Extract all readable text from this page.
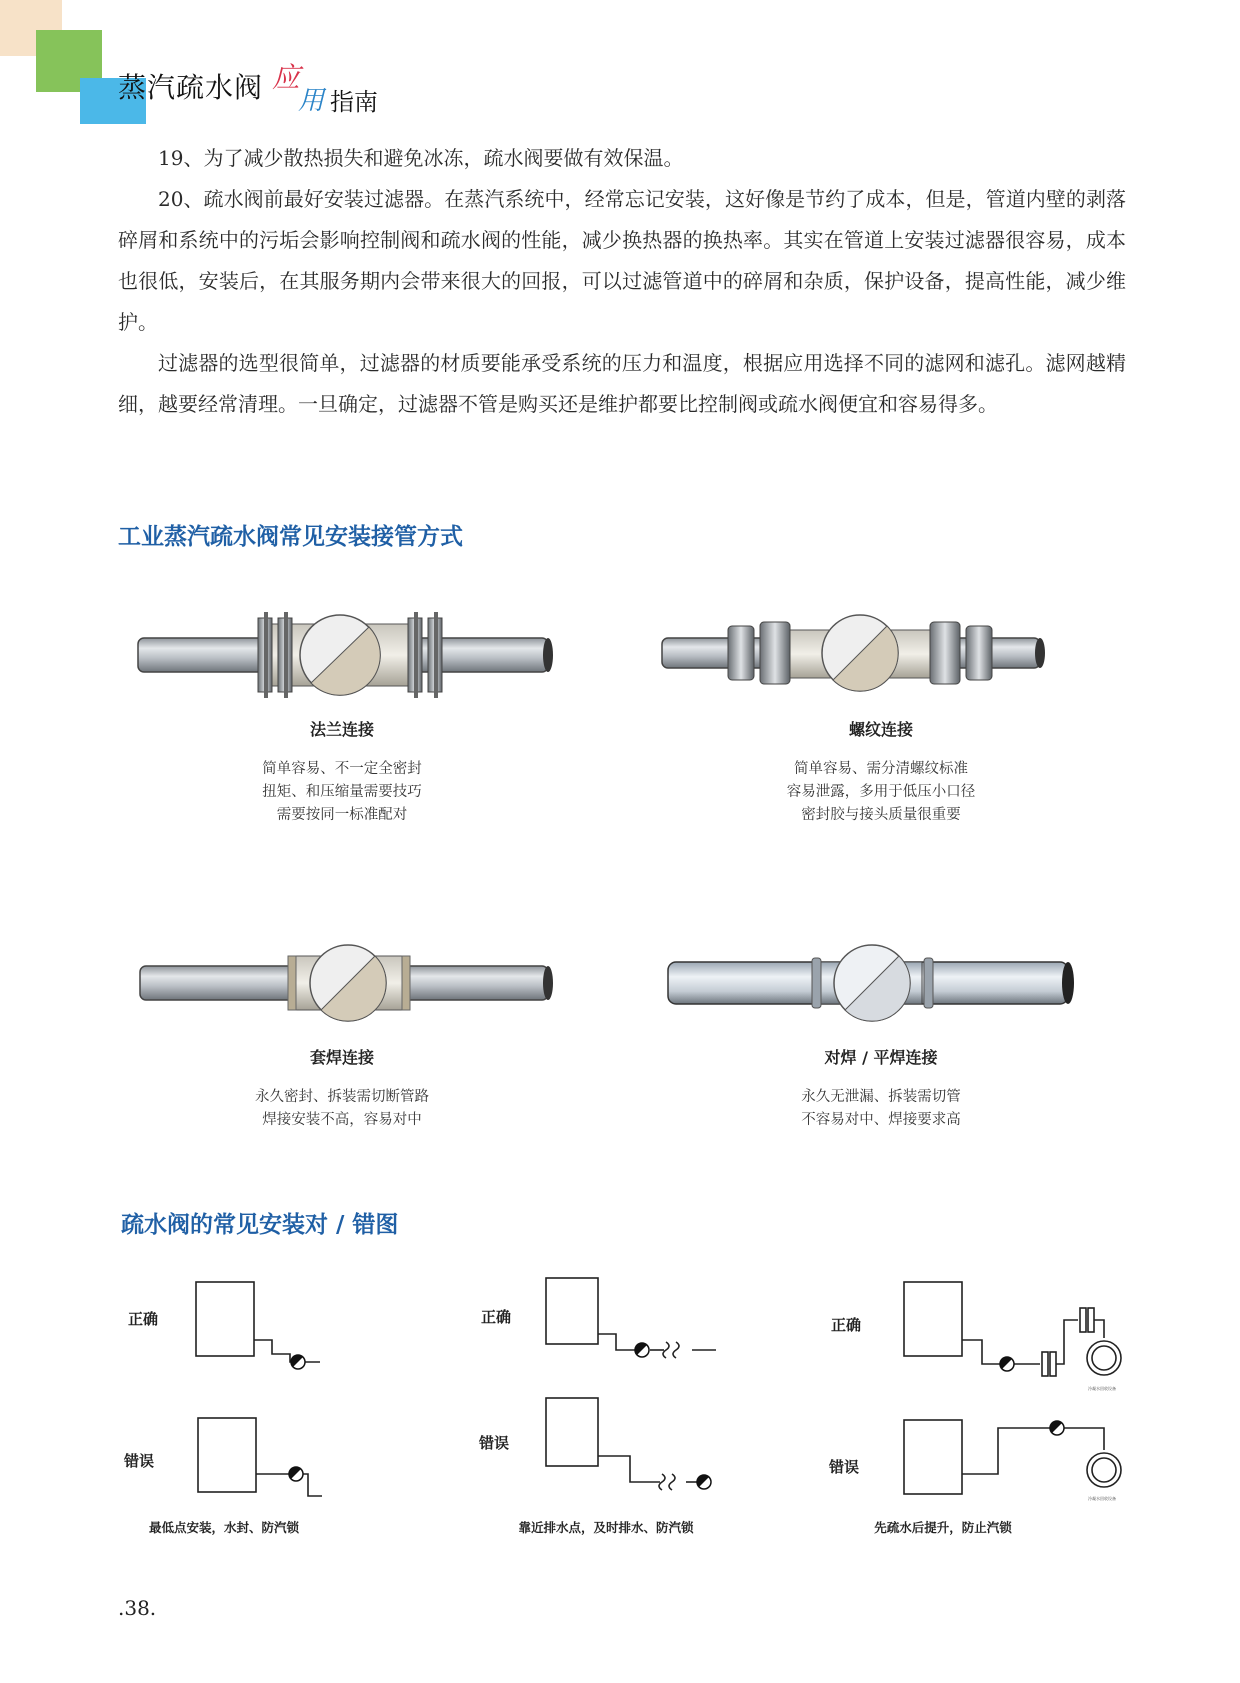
蒸汽疏水阀 应
用 指南

19、为了减少散热损失和避免冰冻，疏水阀要做有效保温。

20、疏水阀前最好安装过滤器。在蒸汽系统中，经常忘记安装，这好像是节约了成本，但是，管道内壁的剥落碎屑和系统中的污垢会影响控制阀和疏水阀的性能，减少换热器的换热率。其实在管道上安装过滤器很容易，成本也很低，安装后，在其服务期内会带来很大的回报，可以过滤管道中的碎屑和杂质，保护设备，提高性能，减少维护。

过滤器的选型很简单，过滤器的材质要能承受系统的压力和温度，根据应用选择不同的滤网和滤孔。滤网越精细，越要经常清理。一旦确定，过滤器不管是购买还是维护都要比控制阀或疏水阀便宜和容易得多。

工业蒸汽疏水阀常见安装接管方式
法兰连接
简单容易、不一定全密封
扭矩、和压缩量需要技巧
需要按同一标准配对
螺纹连接
简单容易、需分清螺纹标准
容易泄露，多用于低压小口径
密封胶与接头质量很重要
套焊连接
永久密封、拆装需切断管路
焊接安装不高，容易对中
对焊 / 平焊连接
永久无泄漏、拆装需切管
不容易对中、焊接要求高
疏水阀的常见安装对 / 错图
正确
错误
正确
错误
正确
错误
冷凝水回收设备
冷凝水回收设备
最低点安装，水封、防汽锁	靠近排水点，及时排水、防汽锁	先疏水后提升，防止汽锁
.38.
